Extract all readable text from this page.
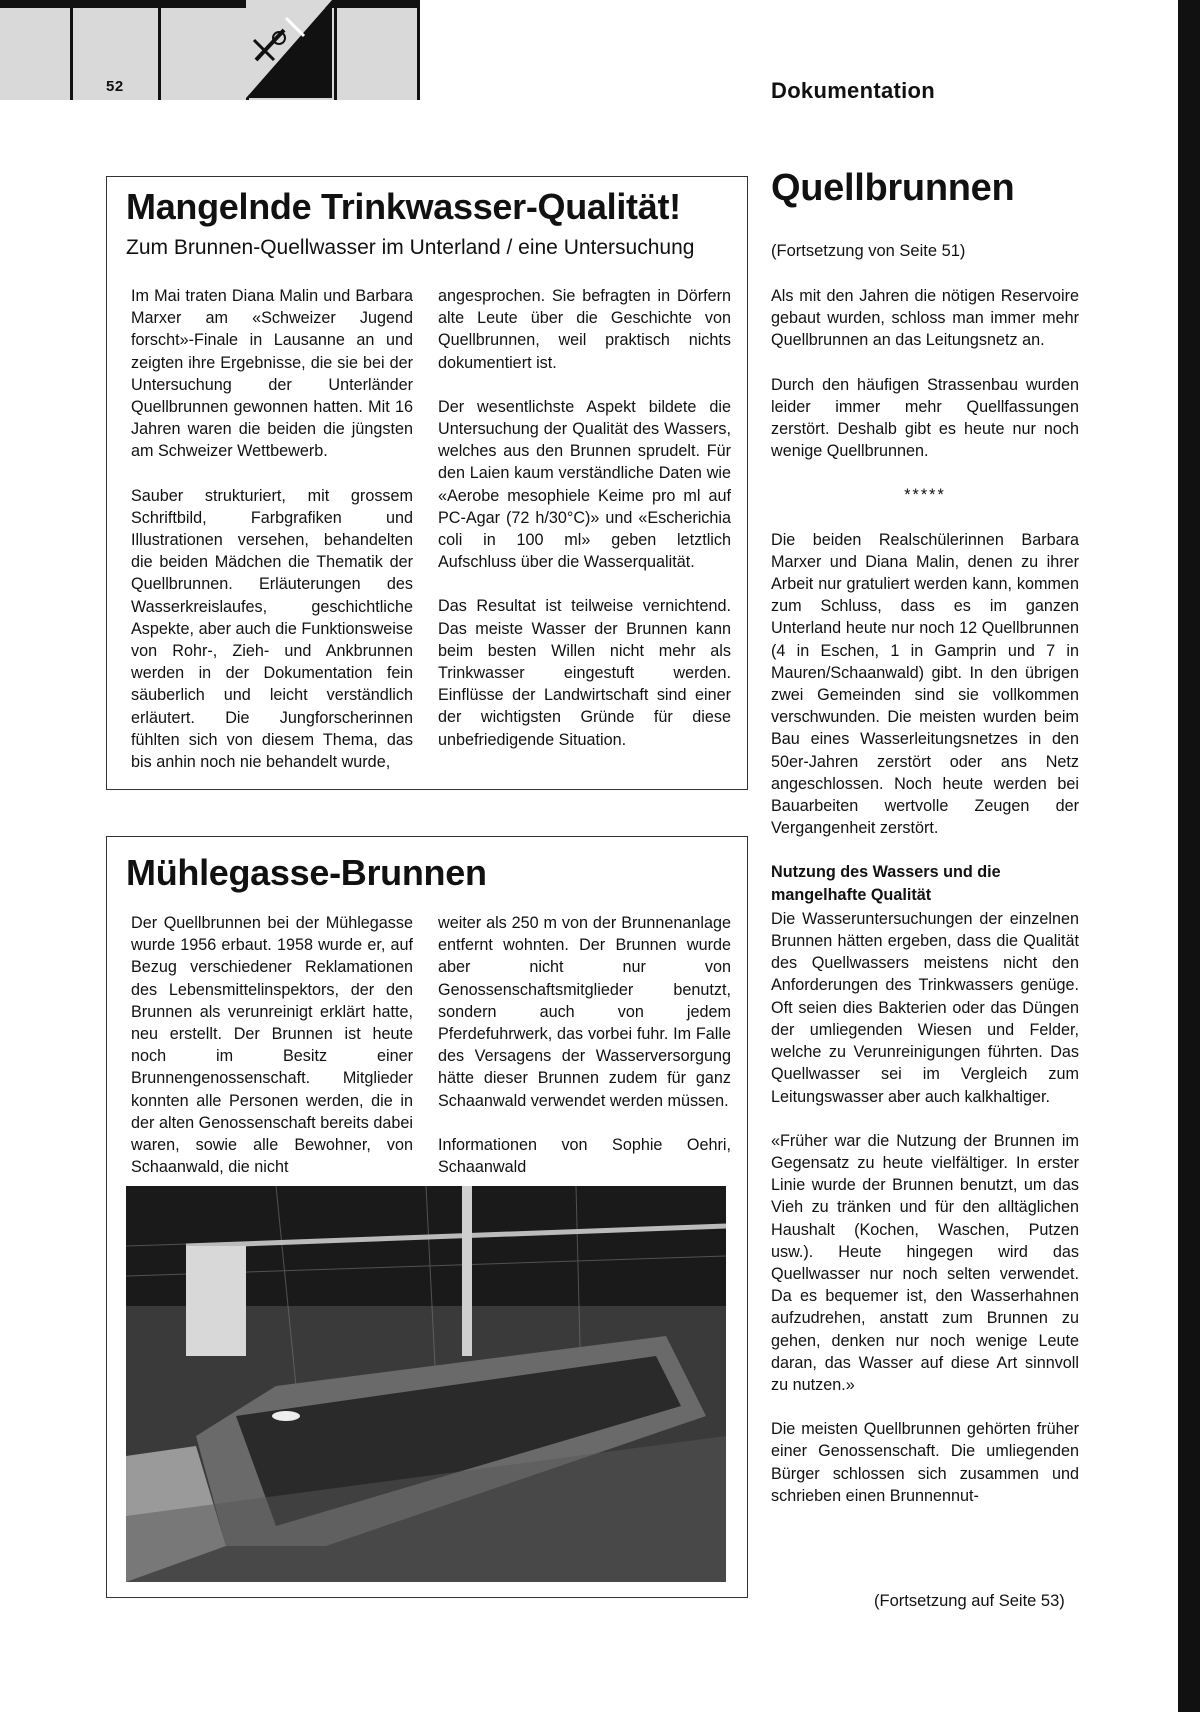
52	Dokumentation
Mangelnde Trinkwasser-Qualität!
Zum Brunnen-Quellwasser im Unterland / eine Untersuchung

Im Mai traten Diana Malin und Barbara Marxer am «Schweizer Jugend forscht»-Finale in Lausanne an und zeigten ihre Ergebnisse, die sie bei der Untersuchung der Unterländer Quellbrunnen gewonnen hatten. Mit 16 Jahren waren die beiden die jüngsten am Schweizer Wettbewerb.

Sauber strukturiert, mit grossem Schriftbild, Farbgrafiken und Illustrationen versehen, behandelten die beiden Mädchen die Thematik der Quellbrunnen. Erläuterungen des Wasserkreislaufes, geschichtliche Aspekte, aber auch die Funktionsweise von Rohr-, Zieh- und Ankbrunnen werden in der Dokumentation fein säuberlich und leicht verständlich erläutert. Die Jungforscherinnen fühlten sich von diesem Thema, das bis anhin noch nie behandelt wurde,

angesprochen. Sie befragten in Dörfern alte Leute über die Geschichte von Quellbrunnen, weil praktisch nichts dokumentiert ist.

Der wesentlichste Aspekt bildete die Untersuchung der Qualität des Wassers, welches aus den Brunnen sprudelt. Für den Laien kaum verständliche Daten wie «Aerobe mesophiele Keime pro ml auf PC-Agar (72 h/30°C)» und «Escherichia coli in 100 ml» geben letztlich Aufschluss über die Wasserqualität.

Das Resultat ist teilweise vernichtend. Das meiste Wasser der Brunnen kann beim besten Willen nicht mehr als Trinkwasser eingestuft werden. Einflüsse der Landwirtschaft sind einer der wichtigsten Gründe für diese unbefriedigende Situation.

Mühlegasse-Brunnen

Der Quellbrunnen bei der Mühlegasse wurde 1956 erbaut. 1958 wurde er, auf Bezug verschiedener Reklamationen des Lebensmittelinspektors, der den Brunnen als verunreinigt erklärt hatte, neu erstellt. Der Brunnen ist heute noch im Besitz einer Brunnengenossenschaft. Mitglieder konnten alle Personen werden, die in der alten Genossenschaft bereits dabei waren, sowie alle Bewohner, von Schaanwald, die nicht

weiter als 250 m von der Brunnenanlage entfernt wohnten. Der Brunnen wurde aber nicht nur von Genossenschaftsmitglieder benutzt, sondern auch von jedem Pferdefuhrwerk, das vorbei fuhr. Im Falle des Versagens der Wasserversorgung hätte dieser Brunnen zudem für ganz Schaanwald verwendet werden müssen.

Informationen von Sophie Oehri, Schaanwald

Quellbrunnen
(Fortsetzung von Seite 51)

Als mit den Jahren die nötigen Reservoire gebaut wurden, schloss man immer mehr Quellbrunnen an das Leitungsnetz an.

Durch den häufigen Strassenbau wurden leider immer mehr Quellfassungen zerstört. Deshalb gibt es heute nur noch wenige Quellbrunnen.

*****

Die beiden Realschülerinnen Barbara Marxer und Diana Malin, denen zu ihrer Arbeit nur gratuliert werden kann, kommen zum Schluss, dass es im ganzen Unterland heute nur noch 12 Quellbrunnen (4 in Eschen, 1 in Gamprin und 7 in Mauren/Schaanwald) gibt. In den übrigen zwei Gemeinden sind sie vollkommen verschwunden. Die meisten wurden beim Bau eines Wasserleitungsnetzes in den 50er-Jahren zerstört oder ans Netz angeschlossen. Noch heute werden bei Bauarbeiten wertvolle Zeugen der Vergangenheit zerstört.

Nutzung des Wassers und die mangelhafte Qualität

Die Wasseruntersuchungen der einzelnen Brunnen hätten ergeben, dass die Qualität des Quellwassers meistens nicht den Anforderungen des Trinkwassers genüge. Oft seien dies Bakterien oder das Düngen der umliegenden Wiesen und Felder, welche zu Verunreinigungen führten. Das Quellwasser sei im Vergleich zum Leitungswasser aber auch kalkhaltiger.

«Früher war die Nutzung der Brunnen im Gegensatz zu heute vielfältiger. In erster Linie wurde der Brunnen benutzt, um das Vieh zu tränken und für den alltäglichen Haushalt (Kochen, Waschen, Putzen usw.). Heute hingegen wird das Quellwasser nur noch selten verwendet. Da es bequemer ist, den Wasserhahnen aufzudrehen, anstatt zum Brunnen zu gehen, denken nur noch wenige Leute daran, das Wasser auf diese Art sinnvoll zu nutzen.»

Die meisten Quellbrunnen gehörten früher einer Genossenschaft. Die umliegenden Bürger schlossen sich zusammen und schrieben einen Brunnennut-

(Fortsetzung auf Seite 53)
